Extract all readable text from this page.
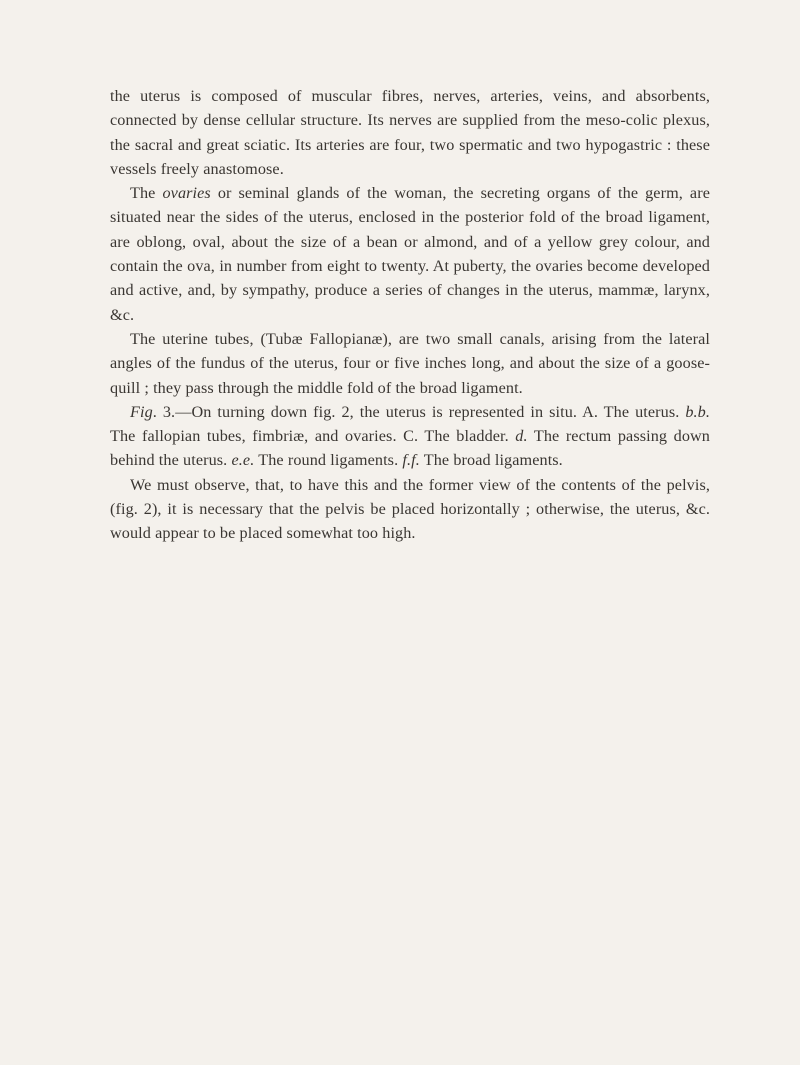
the uterus is composed of muscular fibres, nerves, arteries, veins, and absorbents, connected by dense cellular structure. Its nerves are supplied from the meso-colic plexus, the sacral and great sciatic. Its arteries are four, two spermatic and two hypogastric : these vessels freely anastomose.

The ovaries or seminal glands of the woman, the secreting organs of the germ, are situated near the sides of the uterus, enclosed in the posterior fold of the broad ligament, are oblong, oval, about the size of a bean or almond, and of a yellow grey colour, and contain the ova, in number from eight to twenty. At puberty, the ovaries become developed and active, and, by sympathy, produce a series of changes in the uterus, mammæ, larynx, &c.

The uterine tubes, (Tubæ Fallopianæ), are two small canals, arising from the lateral angles of the fundus of the uterus, four or five inches long, and about the size of a goose-quill ; they pass through the middle fold of the broad ligament.

Fig. 3.—On turning down fig. 2, the uterus is represented in situ. A. The uterus. b.b. The fallopian tubes, fimbriæ, and ovaries. C. The bladder. d. The rectum passing down behind the uterus. e.e. The round ligaments. f.f. The broad ligaments.

We must observe, that, to have this and the former view of the contents of the pelvis, (fig. 2), it is necessary that the pelvis be placed horizontally ; otherwise, the uterus, &c. would appear to be placed somewhat too high.
